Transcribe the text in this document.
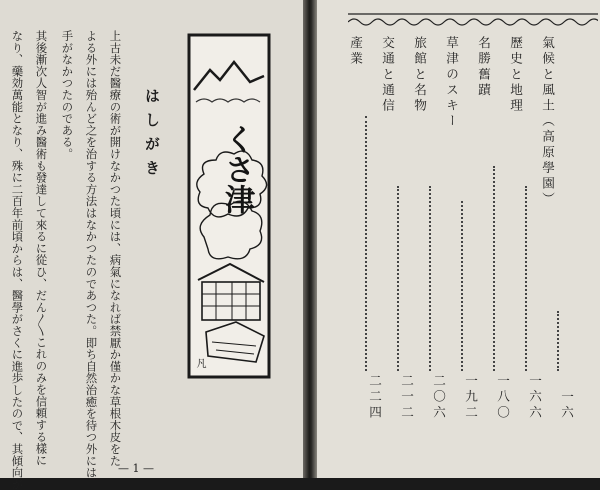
なり、藥効萬能となり、殊に二百年前頃からは、醫學がさくに進歩したので、其傾向が 其後漸次人智が進み醫術も發達して來るに從ひ、だん〳〵これのみを信頼する樣に 手がなかつたのである。 よる外には殆んど之を治する方法はなかつたのであつた。即ち自然治癒を待つ外には 上古未だ醫療の術が開けなかつた頃には、病氣になれば禁厭か僅かな草根木皮をた はしがき くさ津
凡
— 1 —
氣候と風土（高原學園）
一六
歷史と地理
一六六
名勝舊蹟
一八〇
草津のスキー
一九二
旅館と名物
二〇六
交通と通信
二一二
產業
二二四
